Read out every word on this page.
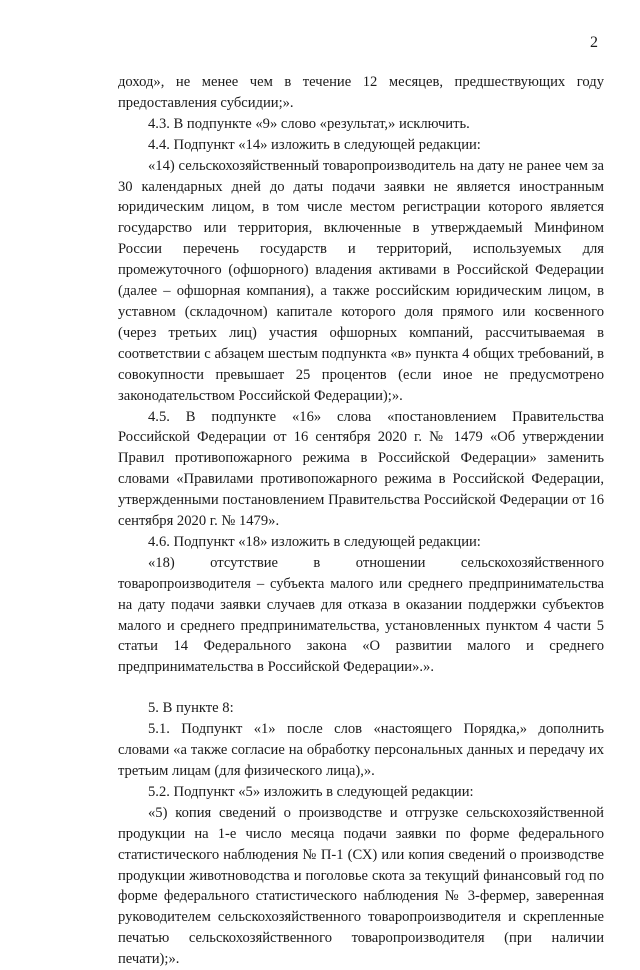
2

доход», не менее чем в течение 12 месяцев, предшествующих году предоставления субсидии;».

4.3. В подпункте «9» слово «результат,» исключить.

4.4. Подпункт «14» изложить в следующей редакции:

«14) сельскохозяйственный товаропроизводитель на дату не ранее чем за 30 календарных дней до даты подачи заявки не является иностранным юридическим лицом, в том числе местом регистрации которого является государство или территория, включенные в утверждаемый Минфином России перечень государств и территорий, используемых для промежуточного (офшорного) владения активами в Российской Федерации (далее – офшорная компания), а также российским юридическим лицом, в уставном (складочном) капитале которого доля прямого или косвенного (через третьих лиц) участия офшорных компаний, рассчитываемая в соответствии с абзацем шестым подпункта «в» пункта 4 общих требований, в совокупности превышает 25 процентов (если иное не предусмотрено законодательством Российской Федерации);».

4.5. В подпункте «16» слова «постановлением Правительства Российской Федерации от 16 сентября 2020 г. № 1479 «Об утверждении Правил противопожарного режима в Российской Федерации» заменить словами «Правилами противопожарного режима в Российской Федерации, утвержденными постановлением Правительства Российской Федерации от 16 сентября 2020 г. № 1479».

4.6. Подпункт «18» изложить в следующей редакции:

«18) отсутствие в отношении сельскохозяйственного товаропроизводителя – субъекта малого или среднего предпринимательства на дату подачи заявки случаев для отказа в оказании поддержки субъектов малого и среднего предпринимательства, установленных пунктом 4 части 5 статьи 14 Федерального закона «О развитии малого и среднего предпринимательства в Российской Федерации».».

5. В пункте 8:

5.1. Подпункт «1» после слов «настоящего Порядка,» дополнить словами «а также согласие на обработку персональных данных и передачу их третьим лицам (для физического лица),».

5.2. Подпункт «5» изложить в следующей редакции:

«5) копия сведений о производстве и отгрузке сельскохозяйственной продукции на 1-е число месяца подачи заявки по форме федерального статистического наблюдения № П-1 (СХ) или копия сведений о производстве продукции животноводства и поголовье скота за текущий финансовый год по форме федерального статистического наблюдения № 3-фермер, заверенная руководителем сельскохозяйственного товаропроизводителя и скрепленные печатью сельскохозяйственного товаропроизводителя (при наличии печати);».
